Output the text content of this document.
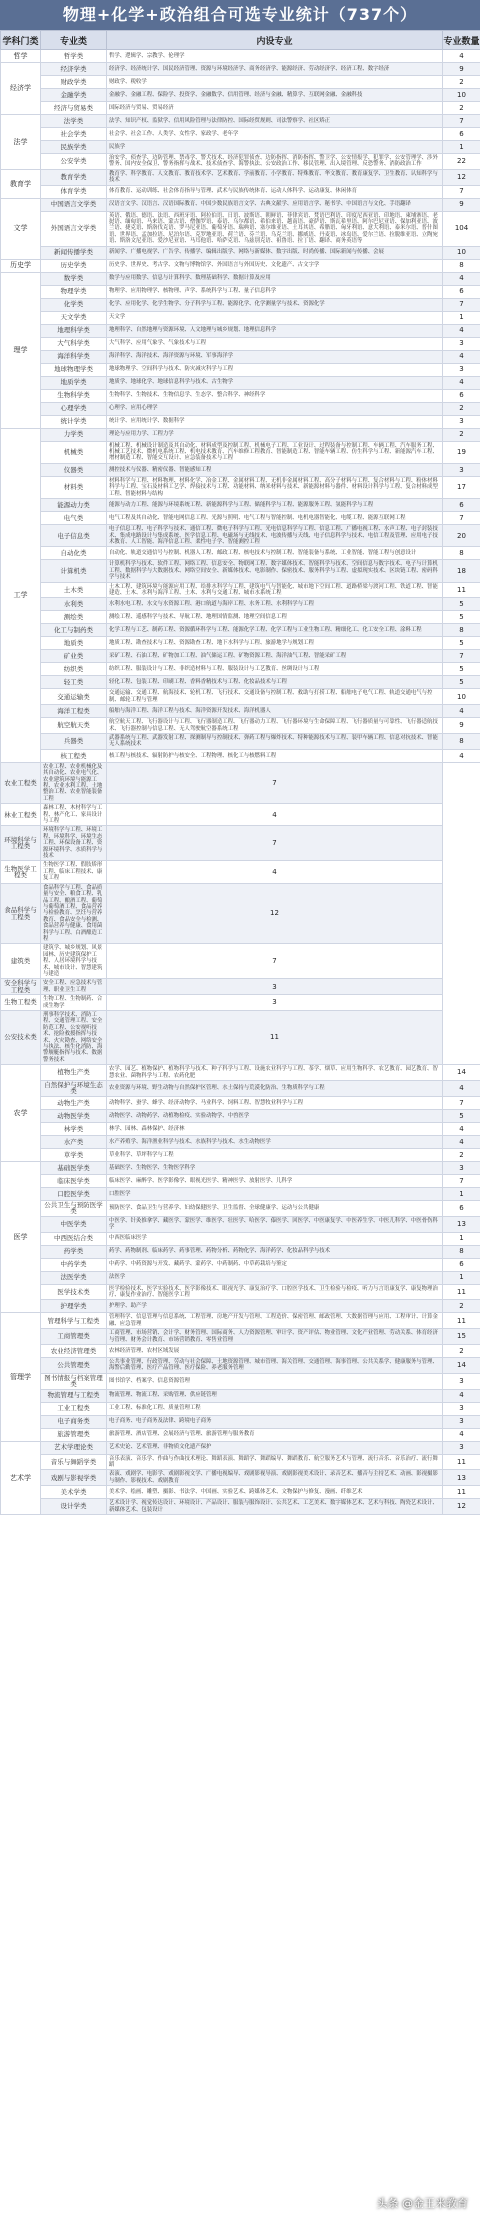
物理+化学+政治组合可选专业统计（737个）
学科门类	专业类	内设专业	专业数量
哲学	哲学类	哲学、逻辑学、宗教学、伦理学	4
经济学	经济学类	经济学、经济统计学、国民经济管理、资源与环境经济学、商务经济学、能源经济、劳动经济学、经济工程、数字经济	9
	财政学类	财政学、税收学	2
	金融学类	金融学、金融工程、保险学、投资学、金融数学、信用管理、经济与金融、精算学、互联网金融、金融科技	10
	经济与贸易类	国际经济与贸易、贸易经济	2
法学	法学类	法学、知识产权、监狱学、信用风险管理与法律防控、国际经贸规则、司法警察学、社区矫正	7
	社会学类	社会学、社会工作、人类学、女性学、家政学、老年学	6
	民族学类	民族学	1
	公安学类	治安学、侦查学、边防管理、禁毒学、警犬技术、经济犯罪侦查、边防指挥、消防指挥、警卫学、公安情报学、犯罪学、公安管理学、涉外警务、国内安全保卫、警务指挥与战术、技术侦查学、海警执法、公安政治工作、移民管理、出入境管理、反恐警务、消防政治工作	22
教育学	教育学类	教育学、科学教育、人文教育、教育技术学、艺术教育、学前教育、小学教育、特殊教育、华文教育、教育康复学、卫生教育、认知科学与技术	12
	体育学类	体育教育、运动训练、社会体育指导与管理、武术与民族传统体育、运动人体科学、运动康复、休闲体育	7
文学	中国语言文学类	汉语言文学、汉语言、汉语国际教育、中国少数民族语言文学、古典文献学、应用语言学、秘书学、中国语言与文化、手语翻译	9
	外国语言文学类	英语、俄语、德语、法语、西班牙语、阿拉伯语、日语、波斯语、朝鲜语、菲律宾语、梵语巴利语、印度尼西亚语、印地语、柬埔寨语、老挝语、缅甸语、马来语、蒙古语、僧伽罗语、泰语、乌尔都语、希伯来语、越南语、豪萨语、斯瓦希里语、阿尔巴尼亚语、保加利亚语、波兰语、捷克语、斯洛伐克语、罗马尼亚语、葡萄牙语、瑞典语、塞尔维亚语、土耳其语、希腊语、匈牙利语、意大利语、泰米尔语、普什图语、世界语、孟加拉语、尼泊尔语、克罗地亚语、荷兰语、芬兰语、乌克兰语、挪威语、丹麦语、冰岛语、爱尔兰语、拉脱维亚语、立陶宛语、斯洛文尼亚语、爱沙尼亚语、马耳他语、哈萨克语、乌兹别克语、祖鲁语、拉丁语、翻译、商务英语等	104
	新闻传播学类	新闻学、广播电视学、广告学、传播学、编辑出版学、网络与新媒体、数字出版、时尚传播、国际新闻与传播、会展	10
历史学	历史学类	历史学、世界史、考古学、文物与博物馆学、外国语言与外国历史、文化遗产、古文字学	8
理学	数学类	数学与应用数学、信息与计算科学、数理基础科学、数据计算及应用	4
	物理学类	物理学、应用物理学、核物理、声学、系统科学与工程、量子信息科学	6
	化学类	化学、应用化学、化学生物学、分子科学与工程、能源化学、化学测量学与技术、资源化学	7
	天文学类	天文学	1
	地理科学类	地理科学、自然地理与资源环境、人文地理与城乡规划、地理信息科学	4
	大气科学类	大气科学、应用气象学、气象技术与工程	3
	海洋科学类	海洋科学、海洋技术、海洋资源与环境、军事海洋学	4
	地球物理学类	地球物理学、空间科学与技术、防灾减灾科学与工程	3
	地质学类	地质学、地球化学、地球信息科学与技术、古生物学	4
	生物科学类	生物科学、生物技术、生物信息学、生态学、整合科学、神经科学	6
	心理学类	心理学、应用心理学	2
	统计学类	统计学、应用统计学、数据科学	3
工学	力学类	理论与应用力学、工程力学	2
	机械类	机械工程、机械设计制造及其自动化、材料成型及控制工程、机械电子工程、工业设计、过程装备与控制工程、车辆工程、汽车服务工程、机械工艺技术、微机电系统工程、机电技术教育、汽车维修工程教育、智能制造工程、智能车辆工程、仿生科学与工程、新能源汽车工程、增材制造工程、智能交互设计、应急装备技术与工程	19
	仪器类	测控技术与仪器、精密仪器、智能感知工程	3
	材料类	材料科学与工程、材料物理、材料化学、冶金工程、金属材料工程、无机非金属材料工程、高分子材料与工程、复合材料与工程、粉体材料科学与工程、宝石及材料工艺学、焊接技术与工程、功能材料、纳米材料与技术、新能源材料与器件、材料设计科学与工程、复合材料成型工程、智能材料与结构	17
	能源动力类	能源与动力工程、能源与环境系统工程、新能源科学与工程、储能科学与工程、能源服务工程、氢能科学与工程	6
	电气类	电气工程及其自动化、智能电网信息工程、光源与照明、电气工程与智能控制、电机电器智能化、电缆工程、能源互联网工程	7
	电子信息类	电子信息工程、电子科学与技术、通信工程、微电子科学与工程、光电信息科学与工程、信息工程、广播电视工程、水声工程、电子封装技术、集成电路设计与集成系统、医学信息工程、电磁场与无线技术、电波传播与天线、电子信息科学与技术、电信工程及管理、应用电子技术教育、人工智能、海洋信息工程、柔性电子学、智能测控工程	20
	自动化类	自动化、轨道交通信号与控制、机器人工程、邮政工程、核电技术与控制工程、智能装备与系统、工业智能、智能工程与创意设计	8
	计算机类	计算机科学与技术、软件工程、网络工程、信息安全、物联网工程、数字媒体技术、智能科学与技术、空间信息与数字技术、电子与计算机工程、数据科学与大数据技术、网络空间安全、新媒体技术、电影制作、保密技术、服务科学与工程、虚拟现实技术、区块链工程、密码科学与技术	18
	土木类	土木工程、建筑环境与能源应用工程、给排水科学与工程、建筑电气与智能化、城市地下空间工程、道路桥梁与渡河工程、铁道工程、智能建造、土木、水利与海洋工程、土木、水利与交通工程、城市水系统工程	11
	水利类	水利水电工程、水文与水资源工程、港口航道与海岸工程、水务工程、水利科学与工程	5
	测绘类	测绘工程、遥感科学与技术、导航工程、地理国情监测、地理空间信息工程	5
	化工与制药类	化学工程与工艺、制药工程、资源循环科学与工程、能源化学工程、化学工程与工业生物工程、精细化工、化工安全工程、涂料工程	8
	地质类	地质工程、勘查技术与工程、资源勘查工程、地下水科学与工程、旅游地学与规划工程	5
	矿业类	采矿工程、石油工程、矿物加工工程、油气储运工程、矿物资源工程、海洋油气工程、智能采矿工程	7
	纺织类	纺织工程、服装设计与工程、非织造材料与工程、服装设计与工艺教育、丝绸设计与工程	5
	轻工类	轻化工程、包装工程、印刷工程、香料香精技术与工程、化妆品技术与工程	5
	交通运输类	交通运输、交通工程、航海技术、轮机工程、飞行技术、交通设备与控制工程、救助与打捞工程、船舶电子电气工程、轨道交通电气与控制、邮轮工程与管理	10
	海洋工程类	船舶与海洋工程、海洋工程与技术、海洋资源开发技术、海洋机器人	4
	航空航天类	航空航天工程、飞行器设计与工程、飞行器制造工程、飞行器动力工程、飞行器环境与生命保障工程、飞行器质量与可靠性、飞行器适航技术、飞行器控制与信息工程、无人驾驶航空器系统工程	9
	兵器类	武器系统与工程、武器发射工程、探测制导与控制技术、弹药工程与爆炸技术、特种能源技术与工程、装甲车辆工程、信息对抗技术、智能无人系统技术	8
	核工程类	核工程与核技术、辐射防护与核安全、工程物理、核化工与核燃料工程	4
农业工程类	农业工程、农业机械化及其自动化、农业电气化、农业建筑环境与能源工程、农业水利工程、土地整治工程、农业智能装备工程	7	
林业工程类	森林工程、木材科学与工程、林产化工、家具设计与工程	4	
环境科学与工程类	环境科学与工程、环境工程、环境科学、环境生态工程、环保设备工程、资源环境科学、水质科学与技术	7	
生物医学工程类	生物医学工程、假肢矫形工程、临床工程技术、康复工程	4	
食品科学与工程类	食品科学与工程、食品质量与安全、粮食工程、乳品工程、酿酒工程、葡萄与葡萄酒工程、食品营养与检验教育、烹饪与营养教育、食品安全与检测、食品营养与健康、食用菌科学与工程、白酒酿造工程	12	
建筑类	建筑学、城乡规划、风景园林、历史建筑保护工程、人居环境科学与技术、城市设计、智慧建筑与建造	7	
安全科学与工程类	安全工程、应急技术与管理、职业卫生工程	3	
生物工程类	生物工程、生物制药、合成生物学	3	
公安技术类	刑事科学技术、消防工程、交通管理工程、安全防范工程、公安视听技术、抢险救援指挥与技术、火灾勘查、网络安全与执法、核生化消防、海警舰艇指挥与技术、数据警务技术	11	
农学	植物生产类	农学、园艺、植物保护、植物科学与技术、种子科学与工程、设施农业科学与工程、茶学、烟草、应用生物科学、农艺教育、园艺教育、智慧农业、菌物科学与工程、农药化肥	14
	自然保护与环境生态类	农业资源与环境、野生动物与自然保护区管理、水土保持与荒漠化防治、生物质科学与工程	4
	动物生产类	动物科学、蚕学、蜂学、经济动物学、马业科学、饲料工程、智慧牧业科学与工程	7
	动物医学类	动物医学、动物药学、动植物检疫、实验动物学、中兽医学	5
	林学类	林学、园林、森林保护、经济林	4
	水产类	水产养殖学、海洋渔业科学与技术、水族科学与技术、水生动物医学	4
	草学类	草业科学、草坪科学与工程	2
医学	基础医学类	基础医学、生物医学、生物医学科学	3
	临床医学类	临床医学、麻醉学、医学影像学、眼视光医学、精神医学、放射医学、儿科学	7
	口腔医学类	口腔医学	1
	公共卫生与预防医学类	预防医学、食品卫生与营养学、妇幼保健医学、卫生监督、全球健康学、运动与公共健康	6
	中医学类	中医学、针灸推拿学、藏医学、蒙医学、维医学、壮医学、哈医学、傣医学、回医学、中医康复学、中医养生学、中医儿科学、中医骨伤科学	13
	中西医结合类	中西医临床医学	1
	药学类	药学、药物制剂、临床药学、药事管理、药物分析、药物化学、海洋药学、化妆品科学与技术	8
	中药学类	中药学、中药资源与开发、藏药学、蒙药学、中药制药、中草药栽培与鉴定	6
	法医学类	法医学	1
	医学技术类	医学检验技术、医学实验技术、医学影像技术、眼视光学、康复治疗学、口腔医学技术、卫生检验与检疫、听力与言语康复学、康复物理治疗、康复作业治疗、智能医学工程	11
	护理学类	护理学、助产学	2
管理学	管理科学与工程类	管理科学、信息管理与信息系统、工程管理、房地产开发与管理、工程造价、保密管理、邮政管理、大数据管理与应用、工程审计、计算金融、应急管理	11
	工商管理类	工商管理、市场营销、会计学、财务管理、国际商务、人力资源管理、审计学、资产评估、物业管理、文化产业管理、劳动关系、体育经济与管理、财务会计教育、市场营销教育、零售业管理	15
	农业经济管理类	农林经济管理、农村区域发展	2
	公共管理类	公共事业管理、行政管理、劳动与社会保障、土地资源管理、城市管理、海关管理、交通管理、海事管理、公共关系学、健康服务与管理、海警后勤管理、医疗产品管理、医疗保险、养老服务管理	14
	图书情报与档案管理类	图书馆学、档案学、信息资源管理	3
	物流管理与工程类	物流管理、物流工程、采购管理、供应链管理	4
	工业工程类	工业工程、标准化工程、质量管理工程	3
	电子商务类	电子商务、电子商务及法律、跨境电子商务	3
	旅游管理类	旅游管理、酒店管理、会展经济与管理、旅游管理与服务教育	4
艺术学	艺术学理论类	艺术史论、艺术管理、非物质文化遗产保护	3
	音乐与舞蹈学类	音乐表演、音乐学、作曲与作曲技术理论、舞蹈表演、舞蹈学、舞蹈编导、舞蹈教育、航空服务艺术与管理、流行音乐、音乐治疗、流行舞蹈	11
	戏剧与影视学类	表演、戏剧学、电影学、戏剧影视文学、广播电视编导、戏剧影视导演、戏剧影视美术设计、录音艺术、播音与主持艺术、动画、影视摄影与制作、影视技术、戏剧教育	13
	美术学类	美术学、绘画、雕塑、摄影、书法学、中国画、实验艺术、跨媒体艺术、文物保护与修复、漫画、纤维艺术	11
	设计学类	艺术设计学、视觉传达设计、环境设计、产品设计、服装与服饰设计、公共艺术、工艺美术、数字媒体艺术、艺术与科技、陶瓷艺术设计、新媒体艺术、包装设计	12
头条 @金王米教育
